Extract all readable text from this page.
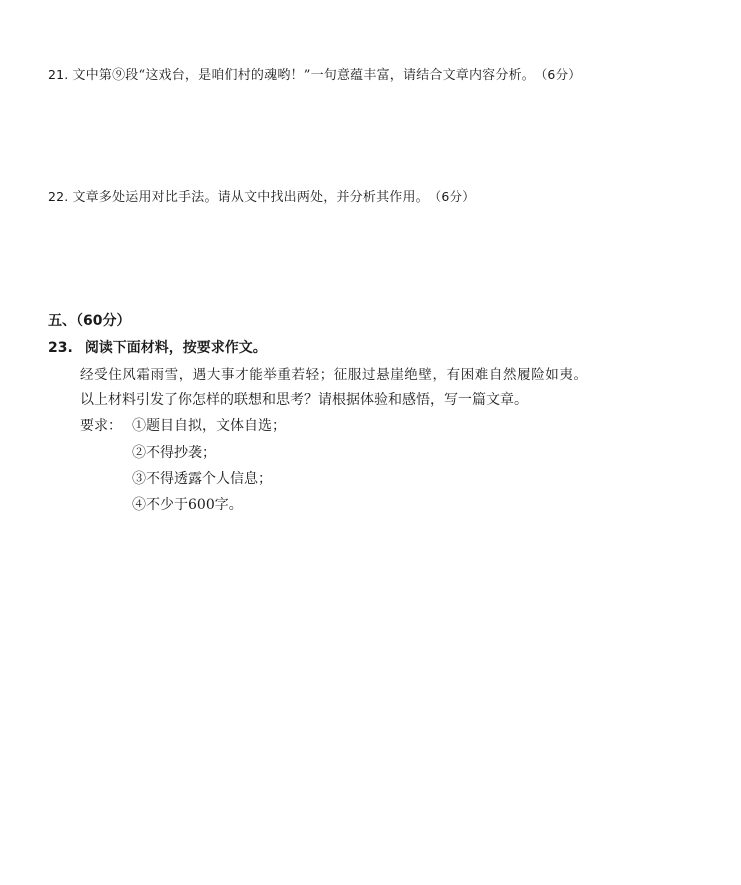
21. 文中第⑨段“这戏台，是咱们村的魂哟！”一句意蕴丰富，请结合文章内容分析。 （6分）
22. 文章多处运用对比手法。请从文中找出两处，并分析其作用。 （6分）
五、（60分）
23. 阅读下面材料，按要求作文。
经受住风霜雨雪，遇大事才能举重若轻；征服过悬崖绝壁，有困难自然履险如夷。
以上材料引发了你怎样的联想和思考？请根据体验和感悟，写一篇文章。
要求： ①题目自拟，文体自选；
②不得抄袭；
③不得透露个人信息；
④不少于600字。
